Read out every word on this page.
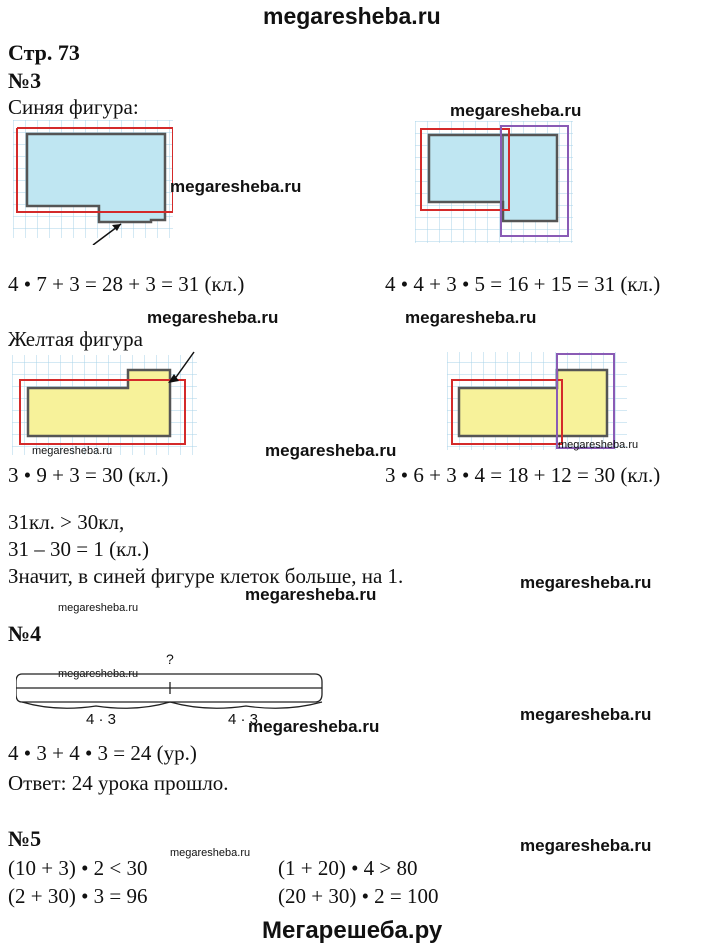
megaresheba.ru
Стр. 73
№3
Синяя фигура:	megaresheba.ru
megaresheba.ru
4 • 7 + 3 = 28 + 3 = 31 (кл.)	4 • 4 + 3 • 5 = 16 + 15 = 31 (кл.)
megaresheba.ru	megaresheba.ru
Желтая фигура
megaresheba.ru	megaresheba.ru	megaresheba.ru
3 • 9 + 3 = 30 (кл.)	3 • 6 + 3 • 4 = 18 + 12 = 30 (кл.)
31кл. > 30кл,
31 – 30 = 1 (кл.)
Значит, в синей фигуре клеток больше, на 1.	megaresheba.ru
megaresheba.ru
megaresheba.ru
№4
megaresheba.ru
?
4 · 3	4 · 3
megaresheba.ru
megaresheba.ru
4 • 3 + 4 • 3 = 24 (ур.)
Ответ: 24 урока прошло.
№5	megaresheba.ru
megaresheba.ru
(10 + 3) • 2 < 30	(1 + 20) • 4 > 80
(2 + 30) • 3 = 96	(20 + 30) • 2 = 100
Мегарешеба.ру
